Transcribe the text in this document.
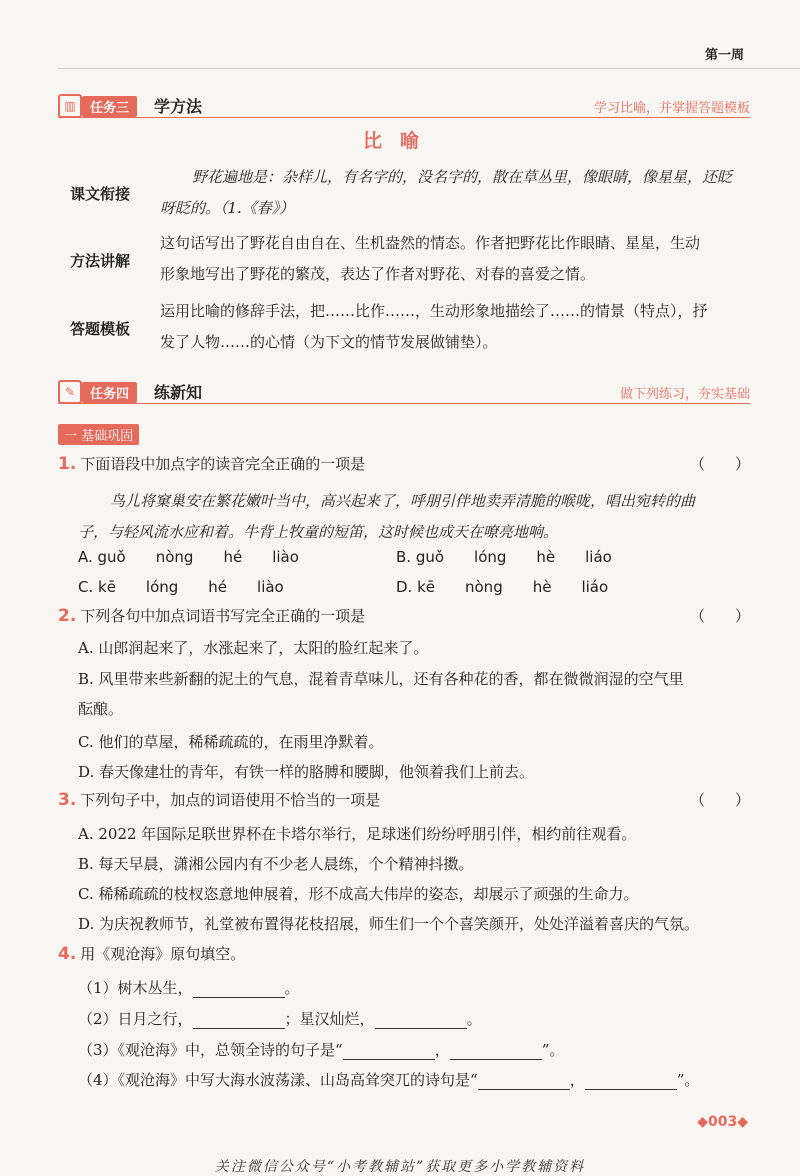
第一周
▥	任务三	学方法	学习比喻，并掌握答题模板
比喻
课文衔接
野花遍地是：杂样儿，有名字的，没名字的，散在草丛里，像眼睛，像星星，还眨
呀眨的。（1.《春》）
方法讲解
这句话写出了野花自由自在、生机盎然的情态。作者把野花比作眼睛、星星，生动
形象地写出了野花的繁茂，表达了作者对野花、对春的喜爱之情。
答题模板
运用比喻的修辞手法，把……比作……，生动形象地描绘了……的情景（特点），抒
发了人物……的心情（为下文的情节发展做铺垫）。
✎	任务四	练新知	做下列练习，夯实基础
一 基础巩固
1. 下面语段中加点字的读音完全正确的一项是	（　　）
鸟儿将窠巢安在繁花嫩叶当中，高兴起来了，呼朋引伴地卖弄清脆的喉咙，唱出宛转的曲
子，与轻风流水应和着。牛背上牧童的短笛，这时候也成天在嘹亮地响。
A. guǒ　　nòng　　hé　　liào	B. guǒ　　lóng　　hè　　liáo
C. kē　　lóng　　hé　　liào	D. kē　　nòng　　hè　　liáo
2. 下列各句中加点词语书写完全正确的一项是	（　　）
A. 山郎润起来了，水涨起来了，太阳的脸红起来了。
B. 风里带来些新翻的泥土的气息，混着青草味儿，还有各种花的香，都在微微润湿的空气里
酝酿。
C. 他们的草屋，稀稀疏疏的，在雨里净默着。
D. 春天像建壮的青年，有铁一样的胳膊和腰脚，他领着我们上前去。
3. 下列句子中，加点的词语使用不恰当的一项是	（　　）
A. 2022 年国际足联世界杯在卡塔尔举行，足球迷们纷纷呼朋引伴，相约前往观看。
B. 每天早晨，潇湘公园内有不少老人晨练，个个精神抖擞。
C. 稀稀疏疏的枝杈恣意地伸展着，形不成高大伟岸的姿态，却展示了顽强的生命力。
D. 为庆祝教师节，礼堂被布置得花枝招展，师生们一个个喜笑颜开，处处洋溢着喜庆的气氛。
4. 用《观沧海》原句填空。
（1）树木丛生，	。
（2）日月之行，	；星汉灿烂，	。
（3）《观沧海》中，总领全诗的句子是“	，	”。
（4）《观沧海》中写大海水波荡漾、山岛高耸突兀的诗句是“	，	”。
◆003◆
关注微信公众号“小考教辅站”获取更多小学教辅资料
